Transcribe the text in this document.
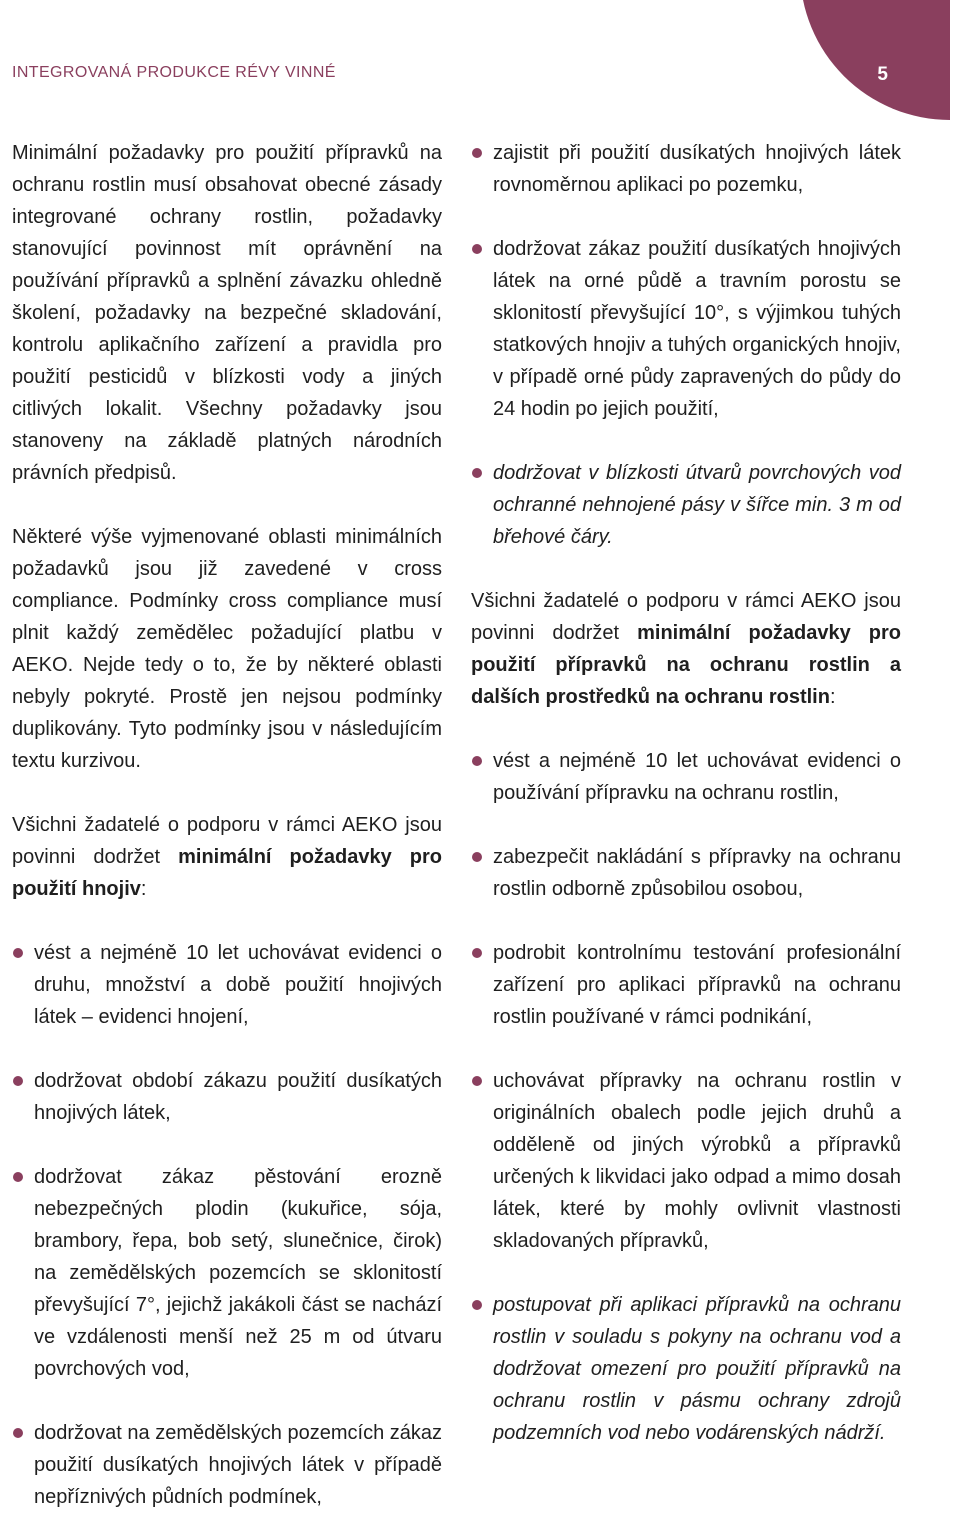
5
INTEGROVANÁ PRODUKCE RÉVY VINNÉ

Minimální požadavky pro použití přípravků na ochranu rostlin musí obsahovat obecné zásady integrované ochrany rostlin, požadavky stanovující povinnost mít oprávnění na používání přípravků a splnění závazku ohledně školení, požadavky na bezpečné skladování, kontrolu aplikačního zařízení a pravidla pro použití pesticidů v blízkosti vody a jiných citlivých lokalit. Všechny požadavky jsou stanoveny na základě platných národních právních předpisů.

Některé výše vyjmenované oblasti minimálních požadavků jsou již zavedené v cross compliance. Podmínky cross compliance musí plnit každý zemědělec požadující platbu v AEKO. Nejde tedy o to, že by některé oblasti nebyly pokryté. Prostě jen nejsou podmínky duplikovány. Tyto podmínky jsou v následujícím textu kurzivou.

Všichni žadatelé o podporu v rámci AEKO jsou povinni dodržet minimální požadavky pro použití hnojiv:

vést a nejméně 10 let uchovávat evidenci o druhu, množství a době použití hnojivých látek – evidenci hnojení,
dodržovat období zákazu použití dusíkatých hnojivých látek,
dodržovat zákaz pěstování erozně nebezpečných plodin (kukuřice, sója, brambory, řepa, bob setý, slunečnice, čirok) na zemědělských pozemcích se sklonitostí převyšující 7°, jejichž jakákoli část se nachází ve vzdálenosti menší než 25 m od útvaru povrchových vod,
dodržovat na zemědělských pozemcích zákaz použití dusíkatých hnojivých látek v případě nepříznivých půdních podmínek,
zajistit při použití dusíkatých hnojivých látek rovnoměrnou aplikaci po pozemku,
dodržovat zákaz použití dusíkatých hnojivých látek na orné půdě a travním porostu se sklonitostí převyšující 10°, s výjimkou tuhých statkových hnojiv a tuhých organických hnojiv, v případě orné půdy zapravených do půdy do 24 hodin po jejich použití,
dodržovat v blízkosti útvarů povrchových vod ochranné nehnojené pásy v šířce min. 3 m od břehové čáry.

Všichni žadatelé o podporu v rámci AEKO jsou povinni dodržet minimální požadavky pro použití přípravků na ochranu rostlin a dalších prostředků na ochranu rostlin:

vést a nejméně 10 let uchovávat evidenci o používání přípravku na ochranu rostlin,
zabezpečit nakládání s přípravky na ochranu rostlin odborně způsobilou osobou,
podrobit kontrolnímu testování profesionální zařízení pro aplikaci přípravků na ochranu rostlin používané v rámci podnikání,
uchovávat přípravky na ochranu rostlin v originálních obalech podle jejich druhů a odděleně od jiných výrobků a přípravků určených k likvidaci jako odpad a mimo dosah látek, které by mohly ovlivnit vlastnosti skladovaných přípravků,
postupovat při aplikaci přípravků na ochranu rostlin v souladu s pokyny na ochranu vod a dodržovat omezení pro použití přípravků na ochranu rostlin v pásmu ochrany zdrojů podzemních vod nebo vodárenských nádrží.
